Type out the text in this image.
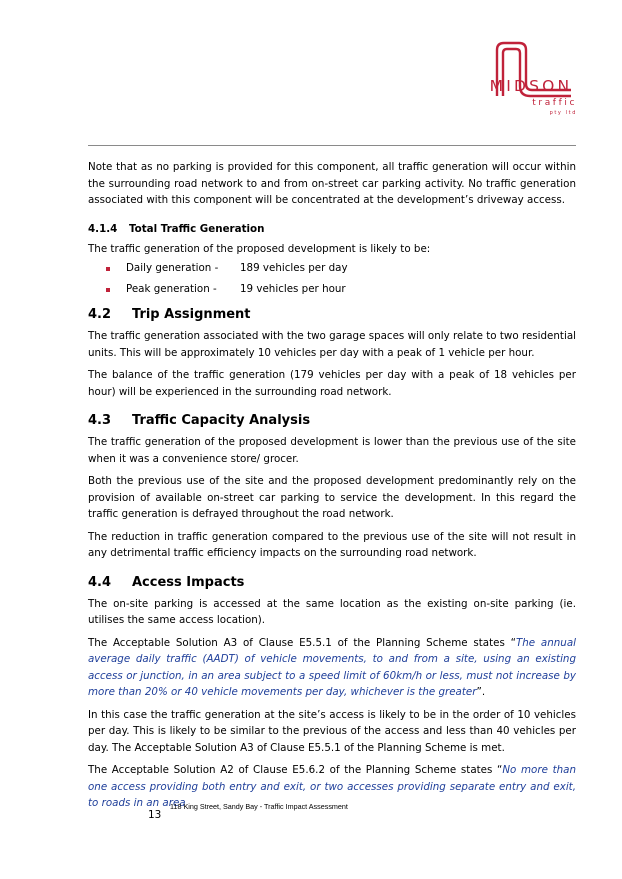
MIDSON
traffic
pty ltd

Note that as no parking is provided for this component, all traffic generation will occur within the surrounding road network to and from on-street car parking activity. No traffic generation associated with this component will be concentrated at the development’s driveway access.

4.1.4	Total Traffic Generation

The traffic generation of the proposed development is likely to be:

Daily generation -	189 vehicles per day
Peak generation -	19 vehicles per hour
4.2	Trip Assignment

The traffic generation associated with the two garage spaces will only relate to two residential units. This will be approximately 10 vehicles per day with a peak of 1 vehicle per hour.

The balance of the traffic generation (179 vehicles per day with a peak of 18 vehicles per hour) will be experienced in the surrounding road network.

4.3	Traffic Capacity Analysis

The traffic generation of the proposed development is lower than the previous use of the site when it was a convenience store/ grocer.

Both the previous use of the site and the proposed development predominantly rely on the provision of available on-street car parking to service the development. In this regard the traffic generation is defrayed throughout the road network.

The reduction in traffic generation compared to the previous use of the site will not result in any detrimental traffic efficiency impacts on the surrounding road network.

4.4	Access Impacts

The on-site parking is accessed at the same location as the existing on-site parking (ie. utilises the same access location).

The Acceptable Solution A3 of Clause E5.5.1 of the Planning Scheme states “The annual average daily traffic (AADT) of vehicle movements, to and from a site, using an existing access or junction, in an area subject to a speed limit of 60km/h or less, must not increase by more than 20% or 40 vehicle movements per day, whichever is the greater”.

In this case the traffic generation at the site’s access is likely to be in the order of 10 vehicles per day. This is likely to be similar to the previous of the access and less than 40 vehicles per day. The Acceptable Solution A3 of Clause E5.5.1 of the Planning Scheme is met.

The Acceptable Solution A2 of Clause E5.6.2 of the Planning Scheme states “No more than one access providing both entry and exit, or two accesses providing separate entry and exit, to roads in an area

13
118 King Street, Sandy Bay - Traffic Impact Assessment
